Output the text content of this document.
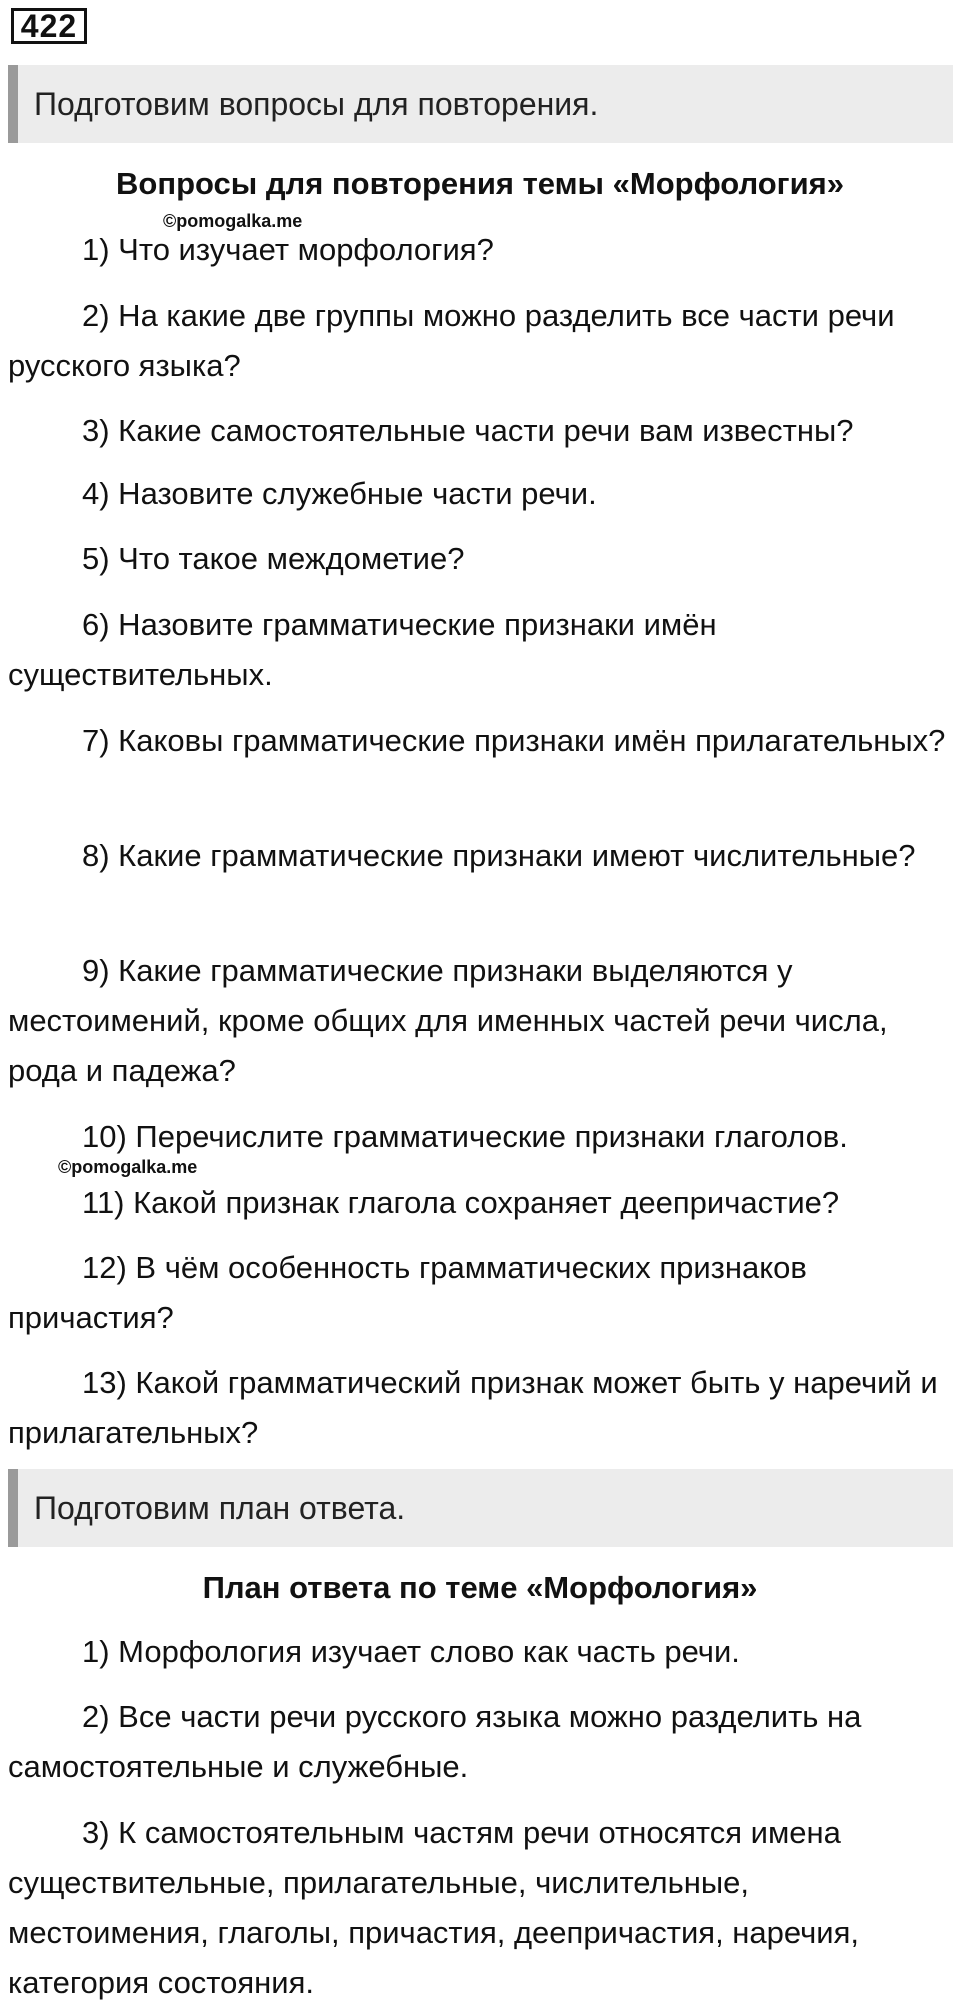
422
Подготовим вопросы для повторения.
Вопросы для повторения темы «Морфология»
©pomogalka.me

1) Что изучает морфология?

2) На какие две группы можно разделить все части речи русского языка?

3) Какие самостоятельные части речи вам известны?

4) Назовите служебные части речи.

5) Что такое междометие?

6) Назовите грамматические признаки имён существительных.

7) Каковы грамматические признаки имён прилагательных?

8) Какие грамматические признаки имеют числительные?

9) Какие грамматические признаки выделяются у местоимений, кроме общих для именных частей речи числа, рода и падежа?

10) Перечислите грамматические признаки глаголов.

©pomogalka.me

11) Какой признак глагола сохраняет деепричастие?

12) В чём особенность грамматических признаков причастия?

13) Какой грамматический признак может быть у наречий и прилагательных?

Подготовим план ответа.
План ответа по теме «Морфология»

1) Морфология изучает слово как часть речи.

2) Все части речи русского языка можно разделить на самостоятельные и служебные.

3) К самостоятельным частям речи относятся имена существительные, прилагательные, числительные, местоимения, глаголы, причастия, деепричастия, наречия, категория состояния.
